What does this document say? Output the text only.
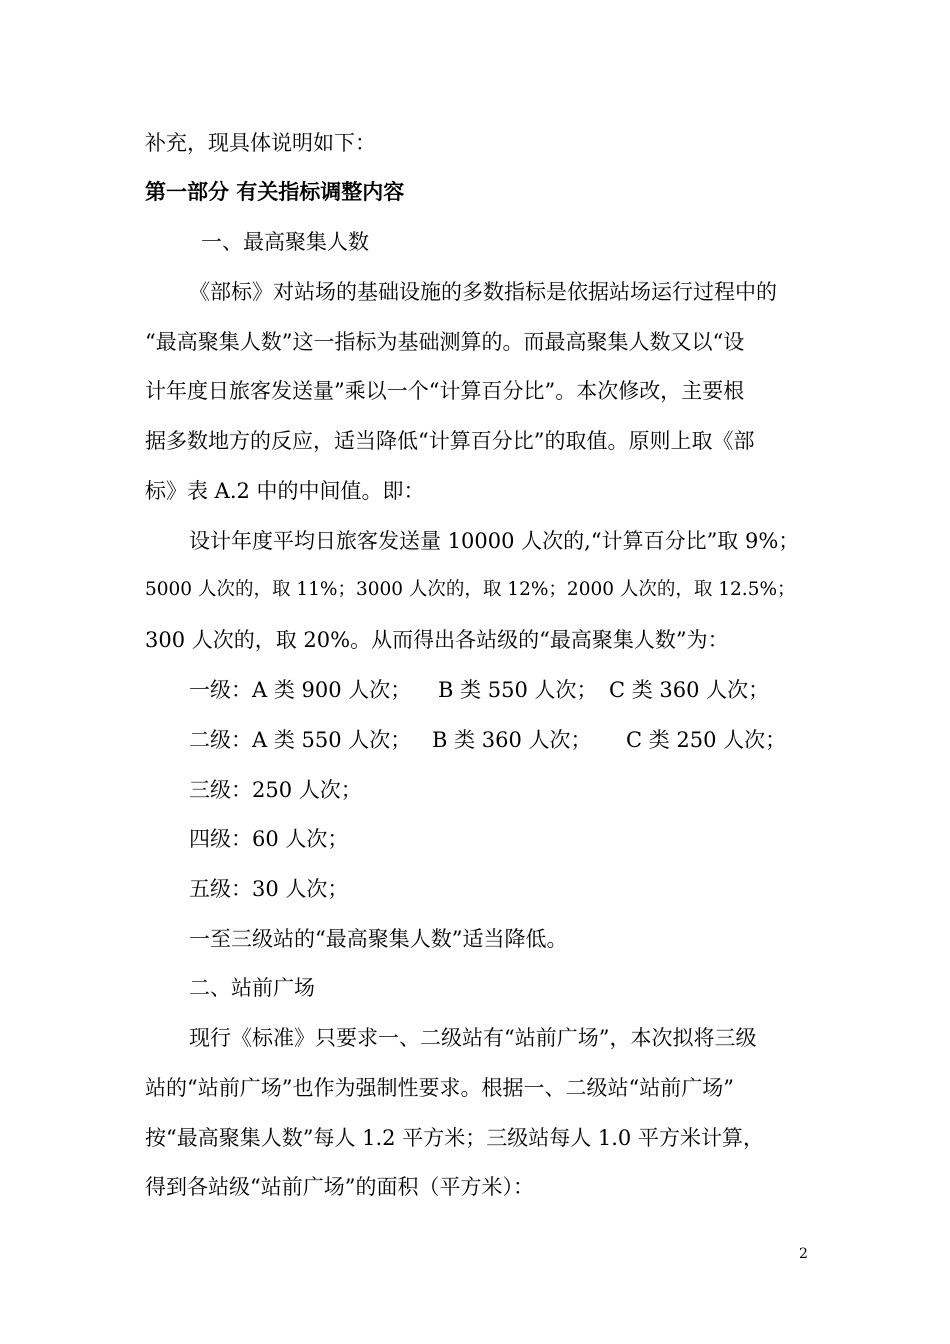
补充，现具体说明如下：
第一部分 有关指标调整内容
一、最高聚集人数
《部标》对站场的基础设施的多数指标是依据站场运行过程中的
“最高聚集人数”这一指标为基础测算的。而最高聚集人数又以“设
计年度日旅客发送量”乘以一个“计算百分比”。本次修改，主要根
据多数地方的反应，适当降低“计算百分比”的取值。原则上取《部
标》表 A.2 中的中间值。即：
设计年度平均日旅客发送量 10000 人次的,“计算百分比”取 9%；
5000 人次的，取 11%；3000 人次的，取 12%；2000 人次的，取 12.5%；
300 人次的，取 20%。从而得出各站级的“最高聚集人数”为：
一级：A 类 900 人次； B 类 550 人次； C 类 360 人次；
二级：A 类 550 人次； B 类 360 人次； C 类 250 人次；
三级：250 人次；
四级：60 人次；
五级：30 人次；
一至三级站的“最高聚集人数”适当降低。
二、站前广场
现行《标准》只要求一、二级站有“站前广场”，本次拟将三级
站的“站前广场”也作为强制性要求。根据一、二级站“站前广场”
按“最高聚集人数”每人 1.2 平方米；三级站每人 1.0 平方米计算，
得到各站级“站前广场”的面积（平方米）：
2
